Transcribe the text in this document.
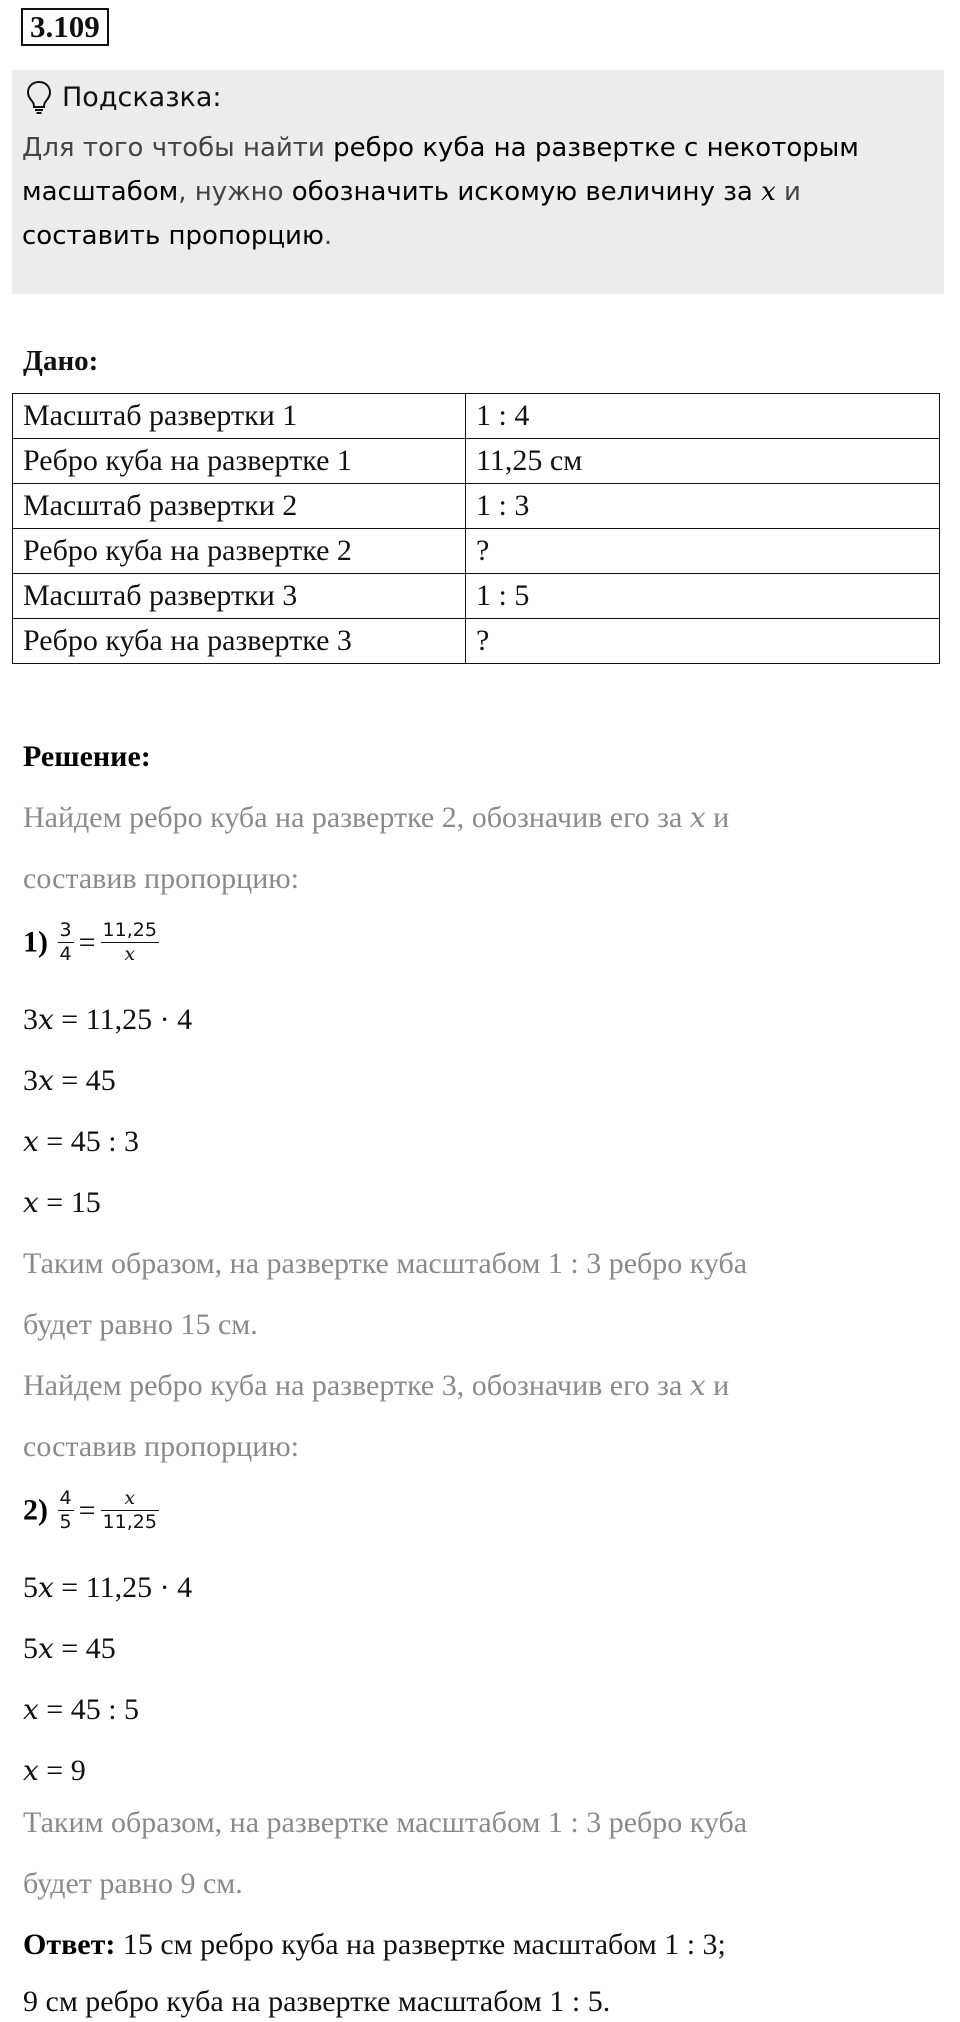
3.109
Подсказка:
Для того чтобы найти ребро куба на развертке с некоторым масштабом, нужно обозначить искомую величину за x и составить пропорцию.
Дано:
Масштаб развертки 1	1 : 4
Ребро куба на развертке 1	11,25 см
Масштаб развертки 2	1 : 3
Ребро куба на развертке 2	?
Масштаб развертки 3	1 : 5
Ребро куба на развертке 3	?
Решение:
Найдем ребро куба на развертке 2, обозначив его за x и
составив пропорцию:
$1) \frac{3}{4} = \frac{11,25}{x}$
3x = 11,25 · 4
3x = 45
x = 45 : 3
x = 15
Таким образом, на развертке масштабом 1 : 3 ребро куба
будет равно 15 см.
Найдем ребро куба на развертке 3, обозначив его за x и
составив пропорцию:
$2) \frac{4}{5} = \frac{x}{11,25}$
5x = 11,25 · 4
5x = 45
x = 45 : 5
x = 9
Таким образом, на развертке масштабом 1 : 3 ребро куба
будет равно 9 см.
Ответ: 15 см ребро куба на развертке масштабом 1 : 3;
9 см ребро куба на развертке масштабом 1 : 5.
